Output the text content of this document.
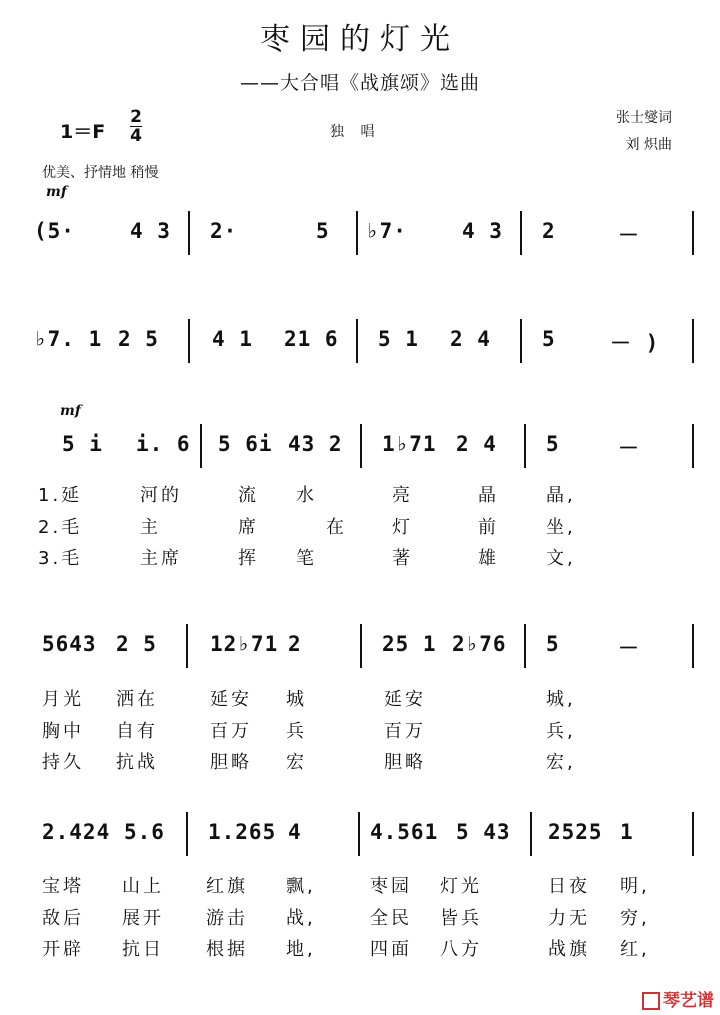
枣园的灯光
——大合唱《战旗颂》选曲
张士燮词
刘 炽曲
1＝F
2
4	独 唱
优美、抒情地 稍慢
mf
(5·	4 3 2·	5 ♭7·	4 3 2	－
♭7. 1 2 5	4 1 21 6 5 1 2 4 5	－ )
mf
5 i i. 6 5 6i 43 2 1♭71 2 4 5	－
1.延	河的	流 水	亮	晶	晶,
2.毛	主	席	在	灯	前	坐,
3.毛	主席	挥 笔	著	雄	文,
5643 2 5	12♭71 2	25 1 2♭76 5	－
月光 洒在	延安 城	延安	城,
胸中 自有	百万 兵	百万	兵,
持久 抗战	胆略 宏	胆略	宏,
2.424 5.6 1.265 4	4.561 5 43 2525 1
宝塔 山上 红旗 飘,	枣园 灯光	日夜 明,
敌后 展开 游击 战,	全民 皆兵	力无 穷,
开辟 抗日 根据 地,	四面 八方	战旗 红,
琴艺谱
